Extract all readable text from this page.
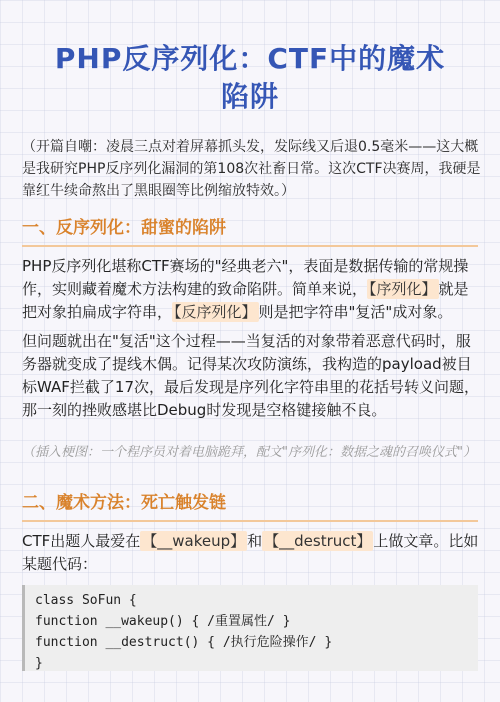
PHP反序列化：CTF中的魔术
陷阱
（开篇自嘲：凌晨三点对着屏幕抓头发，发际线又后退0.5毫米——这大概是我研究PHP反序列化漏洞的第108次社畜日常。这次CTF决赛周，我硬是靠红牛续命熬出了黑眼圈等比例缩放特效。）
一、反序列化：甜蜜的陷阱
PHP反序列化堪称CTF赛场的"经典老六"，表面是数据传输的常规操作，实则藏着魔术方法构建的致命陷阱。简单来说， 【序列化】 就是把对象拍扁成字符串， 【反序列化】 则是把字符串"复活"成对象。
但问题就出在"复活"这个过程——当复活的对象带着恶意代码时，服务器就变成了提线木偶。记得某次攻防演练，我构造的payload被目标WAF拦截了17次，最后发现是序列化字符串里的花括号转义问题，那一刻的挫败感堪比Debug时发现是空格键接触不良。
（插入梗图：一个程序员对着电脑跪拜，配文"序列化：数据之魂的召唤仪式"）
二、魔术方法：死亡触发链
CTF出题人最爱在 【__wakeup】 和 【__destruct】 上做文章。比如某题代码：
class SoFun {
function __wakeup() { /重置属性/ }
function __destruct() { /执行危险操作/ }
}
